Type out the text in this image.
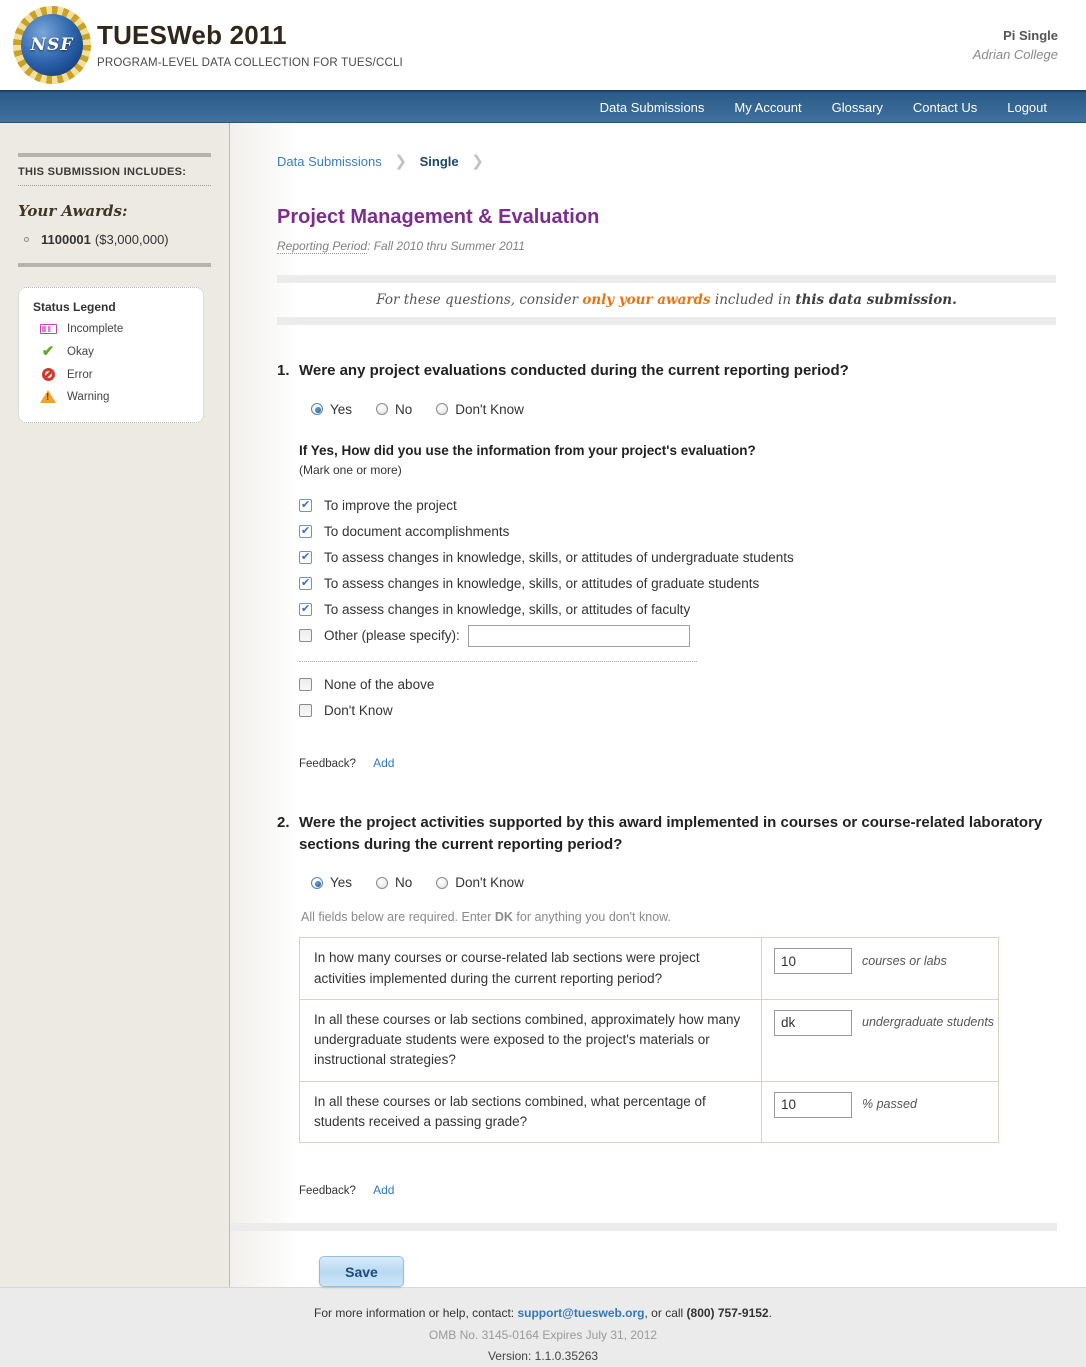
NSF TUESWeb 2011
PROGRAM-LEVEL DATA COLLECTION FOR TUES/CCLI
Pi Single
Adrian College
Data Submissions	My Account	Glossary	Contact Us	Logout
THIS SUBMISSION INCLUDES:
Your Awards:
1100001 ($3,000,000)
Status Legend
Incomplete
✔ Okay
Error
!
Warning
Data Submissions ❯ Single ❯
Project Management & Evaluation
Reporting Period: Fall 2010 thru Summer 2011
For these questions, consider only your awards included in this data submission.
1. Were any project evaluations conducted during the current reporting period?
Yes	No	Don't Know
If Yes, How did you use the information from your project's evaluation?
(Mark one or more)
✔
To improve the project
✔
To document accomplishments
✔
To assess changes in knowledge, skills, or attitudes of undergraduate students
✔
To assess changes in knowledge, skills, or attitudes of graduate students
✔
To assess changes in knowledge, skills, or attitudes of faculty
Other (please specify):
None of the above
Don't Know
Feedback? Add
2. Were the project activities supported by this award implemented in courses or course-related laboratory sections during the current reporting period?
Yes	No	Don't Know
All fields below are required. Enter DK for anything you don't know.
In how many courses or course-related lab sections were project activities implemented during the current reporting period?	10courses or labs
In all these courses or lab sections combined, approximately how many undergraduate students were exposed to the project's materials or instructional strategies?	dkundergraduate students
In all these courses or lab sections combined, what percentage of students received a passing grade?	10% passed
Feedback? Add
Save
For more information or help, contact: support@tuesweb.org, or call (800) 757-9152.
OMB No. 3145-0164 Expires July 31, 2012
Version: 1.1.0.35263
